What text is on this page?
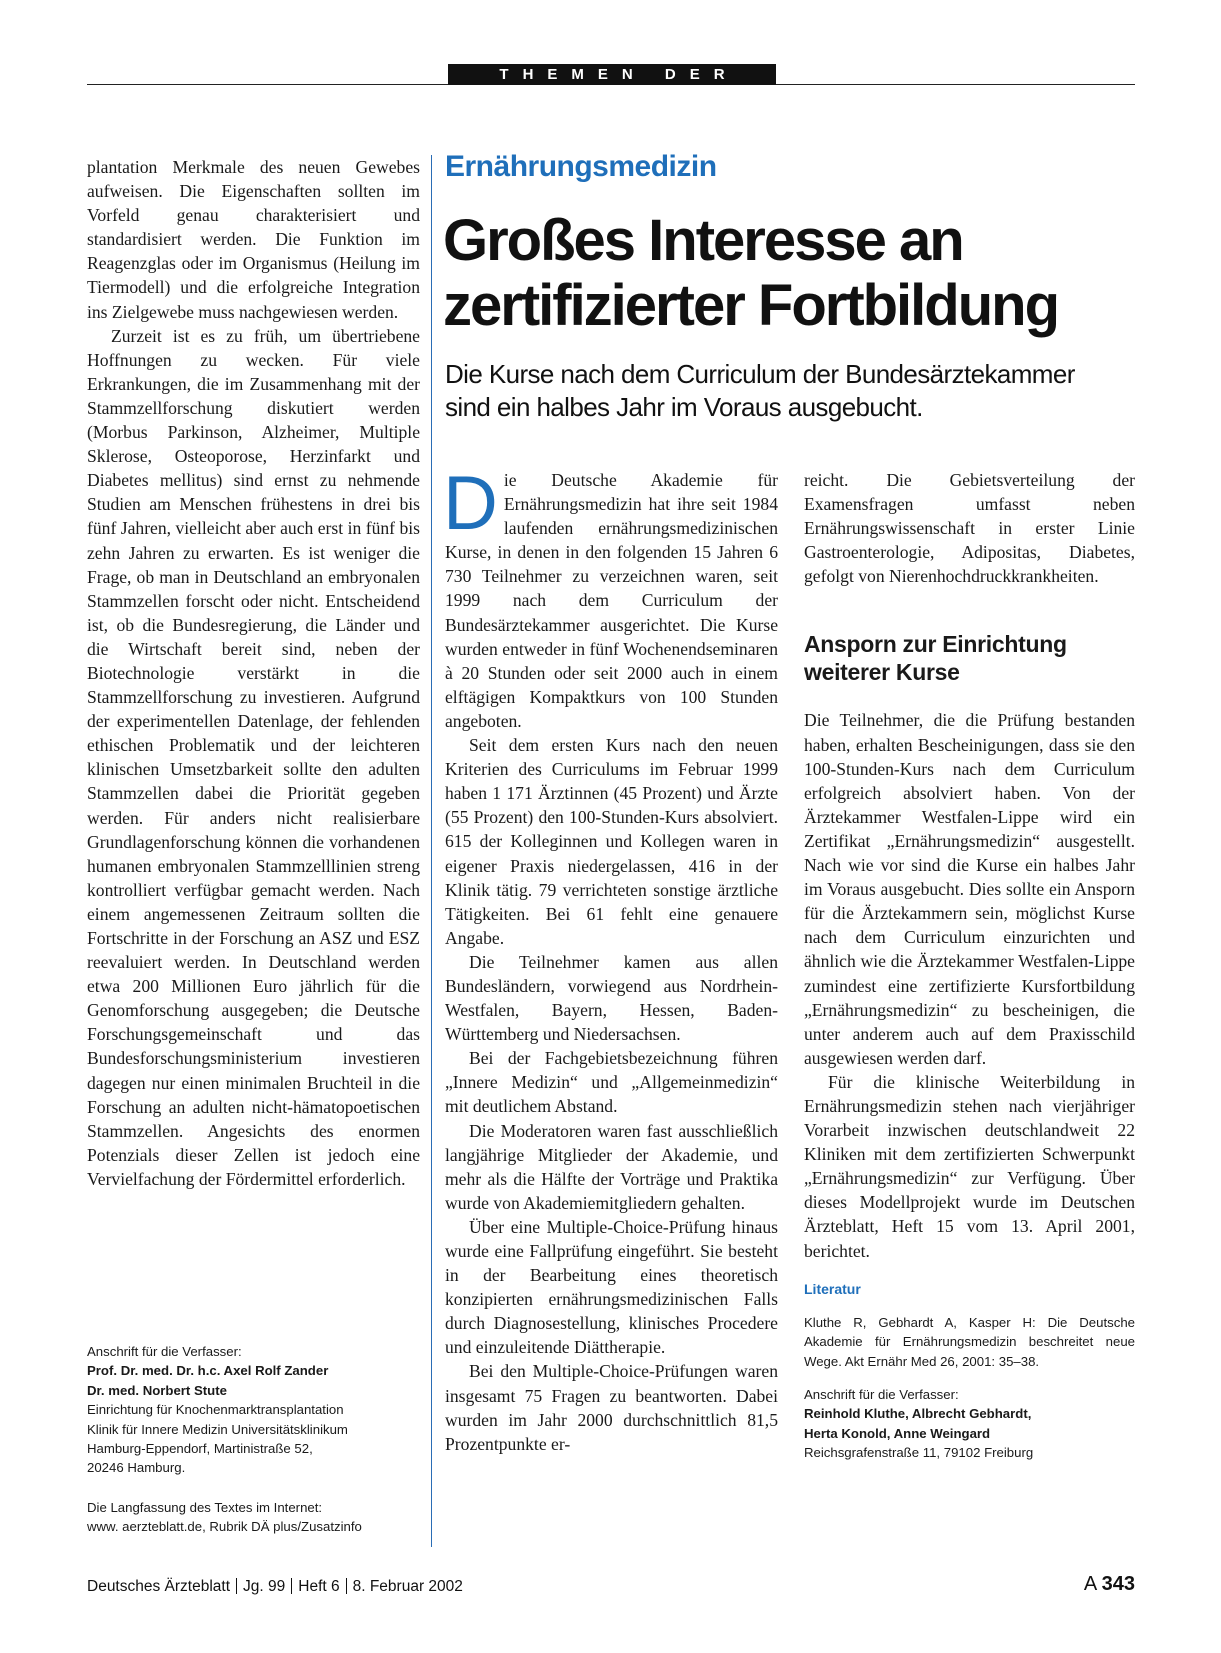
THEMEN DER ZEIT

plantation Merkmale des neuen Gewebes aufweisen. Die Eigenschaften sollten im Vorfeld genau charakterisiert und standardisiert werden. Die Funktion im Reagenzglas oder im Organismus (Heilung im Tiermodell) und die erfolgreiche Integration ins Zielgewebe muss nachgewiesen werden.

Zurzeit ist es zu früh, um übertriebene Hoffnungen zu wecken. Für viele Erkrankungen, die im Zusammenhang mit der Stammzellforschung diskutiert werden (Morbus Parkinson, Alzheimer, Multiple Sklerose, Osteoporose, Herzinfarkt und Diabetes mellitus) sind ernst zu nehmende Studien am Menschen frühestens in drei bis fünf Jahren, vielleicht aber auch erst in fünf bis zehn Jahren zu erwarten. Es ist weniger die Frage, ob man in Deutschland an embryonalen Stammzellen forscht oder nicht. Entscheidend ist, ob die Bundesregierung, die Länder und die Wirtschaft bereit sind, neben der Biotechnologie verstärkt in die Stammzellforschung zu investieren. Aufgrund der experimentellen Datenlage, der fehlenden ethischen Problematik und der leichteren klinischen Umsetzbarkeit sollte den adulten Stammzellen dabei die Priorität gegeben werden. Für anders nicht realisierbare Grundlagenforschung können die vorhandenen humanen embryonalen Stammzelllinien streng kontrolliert verfügbar gemacht werden. Nach einem angemessenen Zeitraum sollten die Fortschritte in der Forschung an ASZ und ESZ reevaluiert werden. In Deutschland werden etwa 200 Millionen Euro jährlich für die Genomforschung ausgegeben; die Deutsche Forschungsgemeinschaft und das Bundesforschungsministerium investieren dagegen nur einen minimalen Bruchteil in die Forschung an adulten nicht-hämatopoetischen Stammzellen. Angesichts des enormen Potenzials dieser Zellen ist jedoch eine Vervielfachung der Fördermittel erforderlich.

Anschrift für die Verfasser:
Prof. Dr. med. Dr. h.c. Axel Rolf Zander
Dr. med. Norbert Stute
Einrichtung für Knochenmarktransplantation
Klinik für Innere Medizin Universitätsklinikum
Hamburg-Eppendorf, Martinistraße 52,
20246 Hamburg.
Die Langfassung des Textes im Internet:
www. aerzteblatt.de, Rubrik DÄ plus/Zusatzinfo
Ernährungsmedizin
Großes Interesse an
zertifizierter Fortbildung

Die Kurse nach dem Curriculum der Bundesärztekammer
sind ein halbes Jahr im Voraus ausgebucht.

Die Deutsche Akademie für Ernährungsmedizin hat ihre seit 1984 laufenden ernährungsmedizinischen Kurse, in denen in den folgenden 15 Jahren 6 730 Teilnehmer zu verzeichnen waren, seit 1999 nach dem Curriculum der Bundesärztekammer ausgerichtet. Die Kurse wurden entweder in fünf Wochenendseminaren à 20 Stunden oder seit 2000 auch in einem elftägigen Kompaktkurs von 100 Stunden angeboten.

Seit dem ersten Kurs nach den neuen Kriterien des Curriculums im Februar 1999 haben 1 171 Ärztinnen (45 Prozent) und Ärzte (55 Prozent) den 100-Stunden-Kurs absolviert. 615 der Kolleginnen und Kollegen waren in eigener Praxis niedergelassen, 416 in der Klinik tätig. 79 verrichteten sonstige ärztliche Tätigkeiten. Bei 61 fehlt eine genauere Angabe.

Die Teilnehmer kamen aus allen Bundesländern, vorwiegend aus Nordrhein-Westfalen, Bayern, Hessen, Baden-Württemberg und Niedersachsen.

Bei der Fachgebietsbezeichnung führen „Innere Medizin“ und „Allgemeinmedizin“ mit deutlichem Abstand.

Die Moderatoren waren fast ausschließlich langjährige Mitglieder der Akademie, und mehr als die Hälfte der Vorträge und Praktika wurde von Akademiemitgliedern gehalten.

Über eine Multiple-Choice-Prüfung hinaus wurde eine Fallprüfung eingeführt. Sie besteht in der Bearbeitung eines theoretisch konzipierten ernährungsmedizinischen Falls durch Diagnosestellung, klinisches Procedere und einzuleitende Diättherapie.

Bei den Multiple-Choice-Prüfungen waren insgesamt 75 Fragen zu beantworten. Dabei wurden im Jahr 2000 durchschnittlich 81,5 Prozentpunkte er-

reicht. Die Gebietsverteilung der Examensfragen umfasst neben Ernährungswissenschaft in erster Linie Gastroenterologie, Adipositas, Diabetes, gefolgt von Nierenhochdruckkrankheiten.

Ansporn zur Einrichtung weiterer Kurse

Die Teilnehmer, die die Prüfung bestanden haben, erhalten Bescheinigungen, dass sie den 100-Stunden-Kurs nach dem Curriculum erfolgreich absolviert haben. Von der Ärztekammer Westfalen-Lippe wird ein Zertifikat „Ernährungsmedizin“ ausgestellt. Nach wie vor sind die Kurse ein halbes Jahr im Voraus ausgebucht. Dies sollte ein Ansporn für die Ärztekammern sein, möglichst Kurse nach dem Curriculum einzurichten und ähnlich wie die Ärztekammer Westfalen-Lippe zumindest eine zertifizierte Kursfortbildung „Ernährungsmedizin“ zu bescheinigen, die unter anderem auch auf dem Praxisschild ausgewiesen werden darf.

Für die klinische Weiterbildung in Ernährungsmedizin stehen nach vierjähriger Vorarbeit inzwischen deutschlandweit 22 Kliniken mit dem zertifizierten Schwerpunkt „Ernährungsmedizin“ zur Verfügung. Über dieses Modellprojekt wurde im Deutschen Ärzteblatt, Heft 15 vom 13. April 2001, berichtet.

Literatur
Kluthe R, Gebhardt A, Kasper H: Die Deutsche Akademie für Ernährungsmedizin beschreitet neue Wege. Akt Ernähr Med 26, 2001: 35–38.
Anschrift für die Verfasser:
Reinhold Kluthe, Albrecht Gebhardt,
Herta Konold, Anne Weingard
Reichsgrafenstraße 11, 79102 Freiburg
Deutsches Ärzteblatt Jg. 99 Heft 6 8. Februar 2002	A 343
